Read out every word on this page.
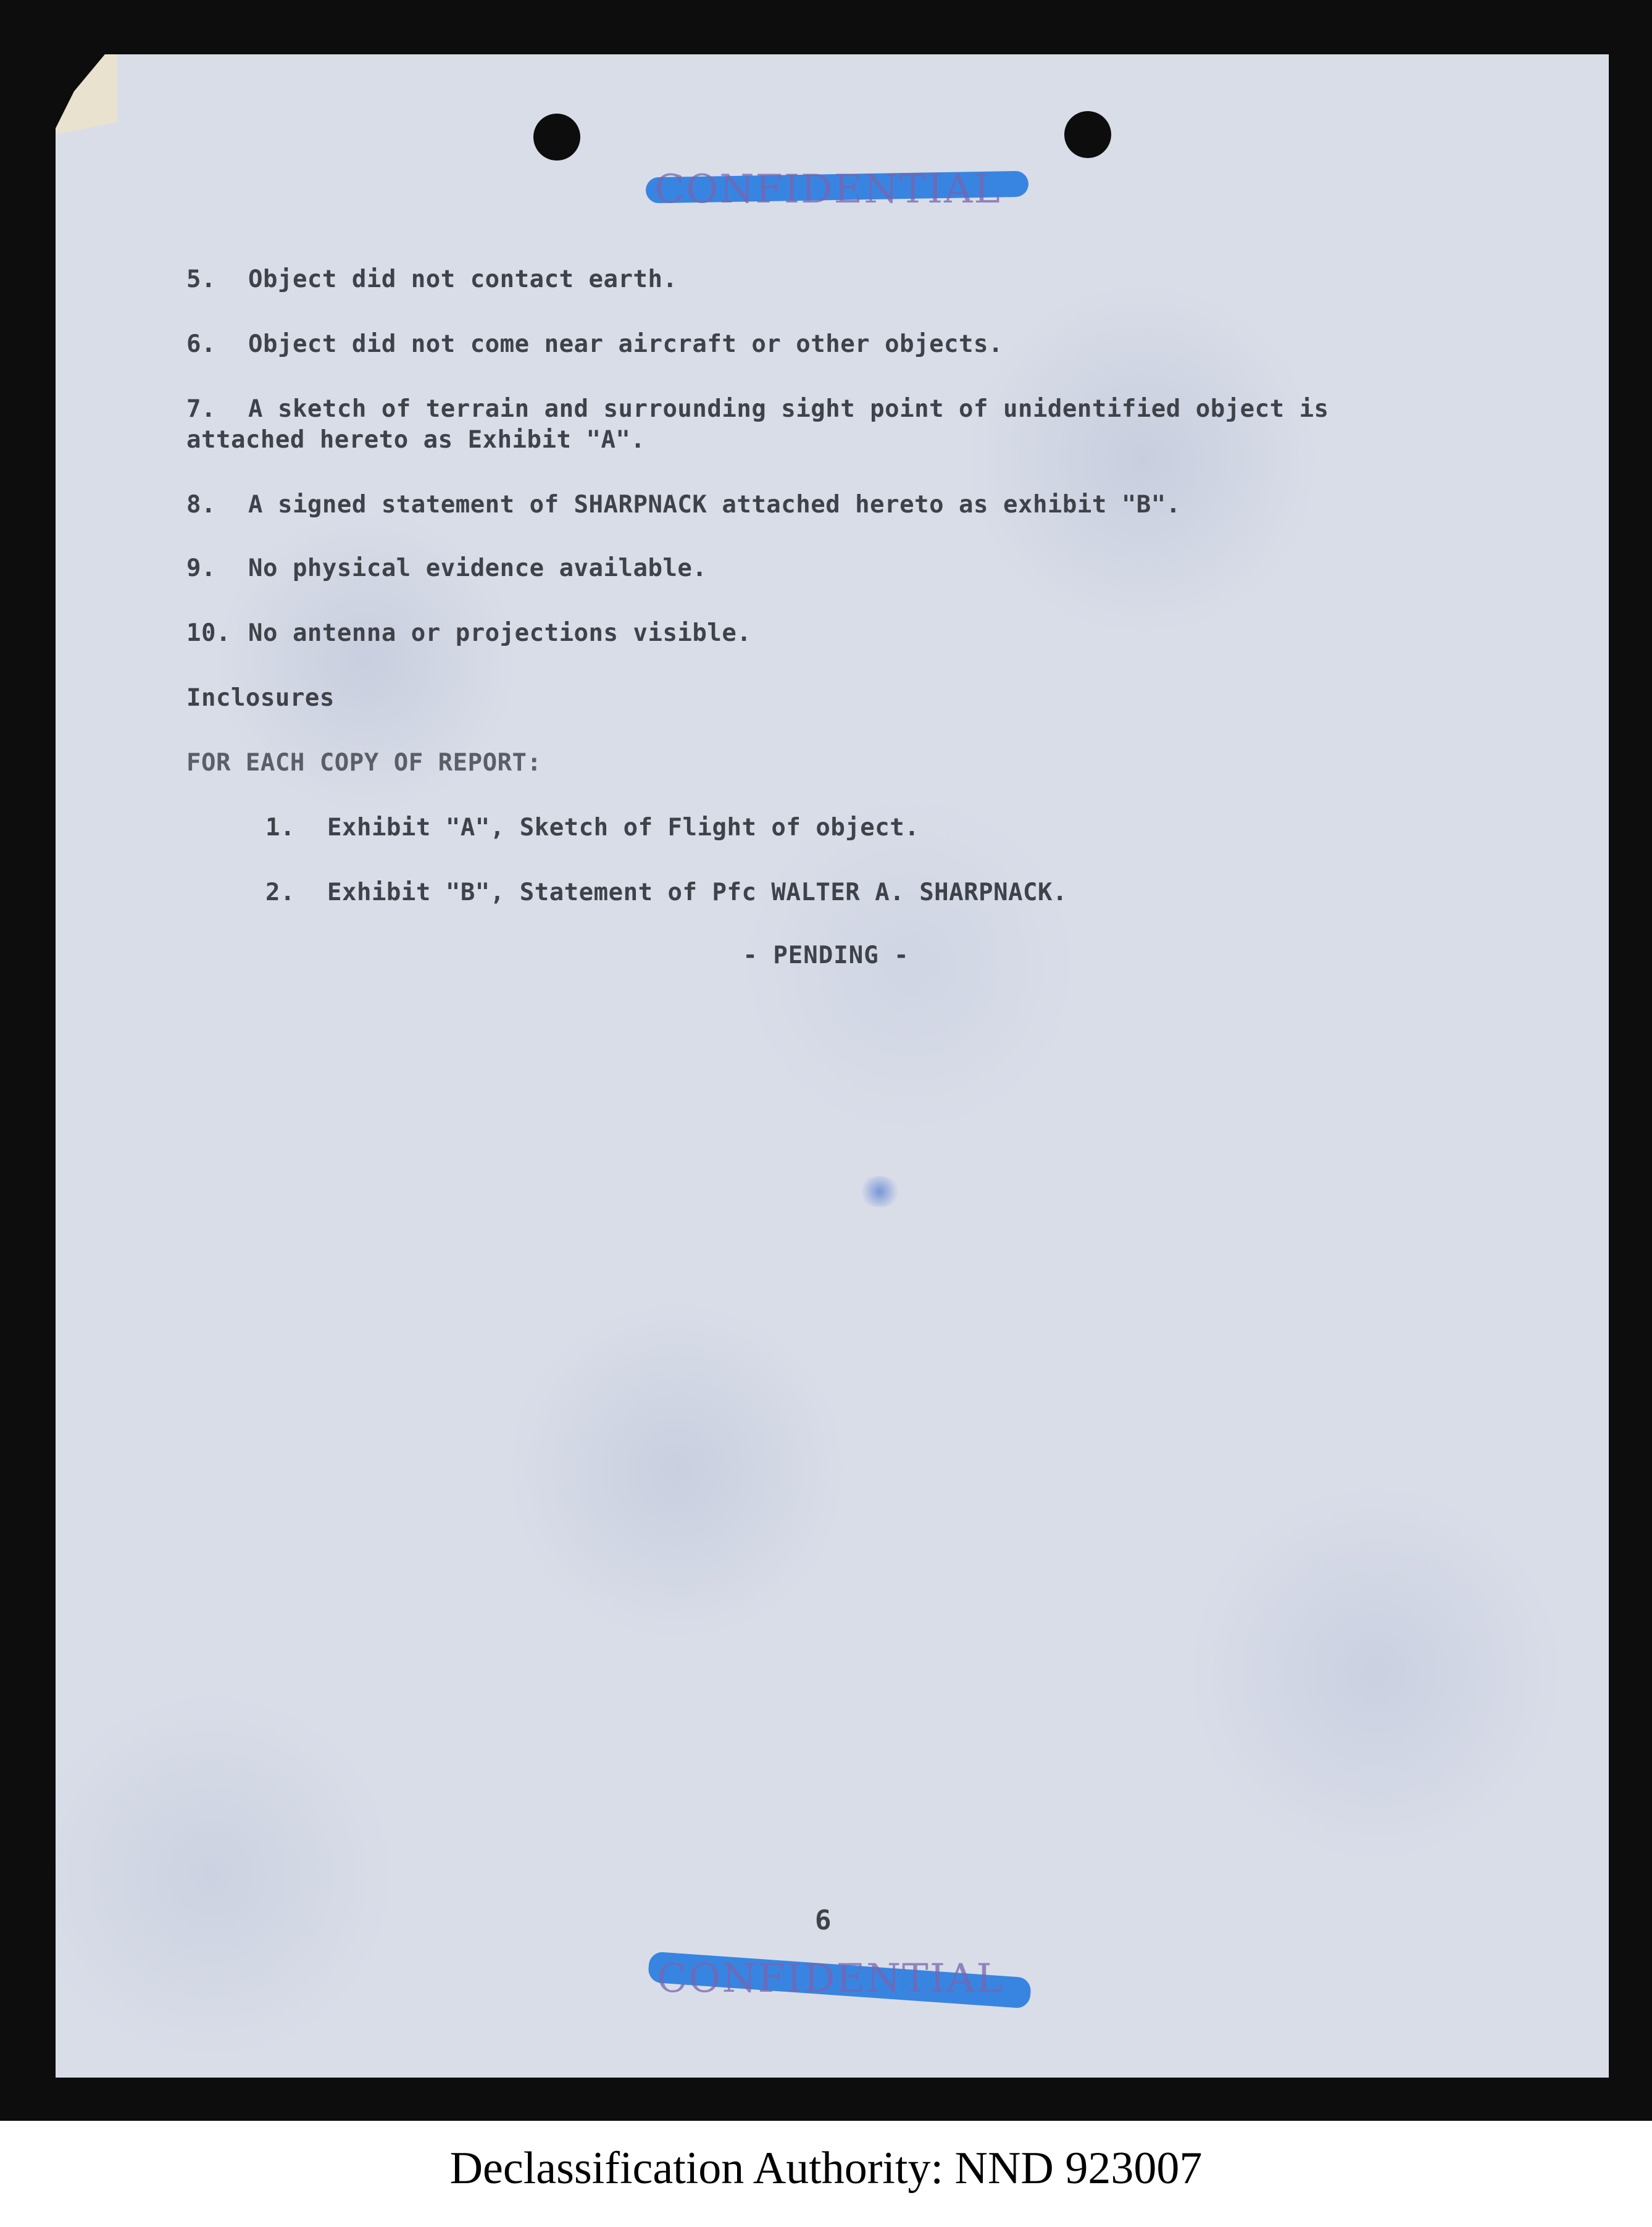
CONFIDENTIAL
5. Object did not contact earth.
6. Object did not come near aircraft or other objects.
7. A sketch of terrain and surrounding sight point of unidentified object is
attached hereto as Exhibit "A".
8. A signed statement of SHARPNACK attached hereto as exhibit "B".
9. No physical evidence available.
10. No antenna or projections visible.
Inclosures
FOR EACH COPY OF REPORT:
1. Exhibit "A", Sketch of Flight of object.
2. Exhibit "B", Statement of Pfc WALTER A. SHARPNACK.
- PENDING -
6
CONFIDENTIAL
Declassification Authority: NND 923007
